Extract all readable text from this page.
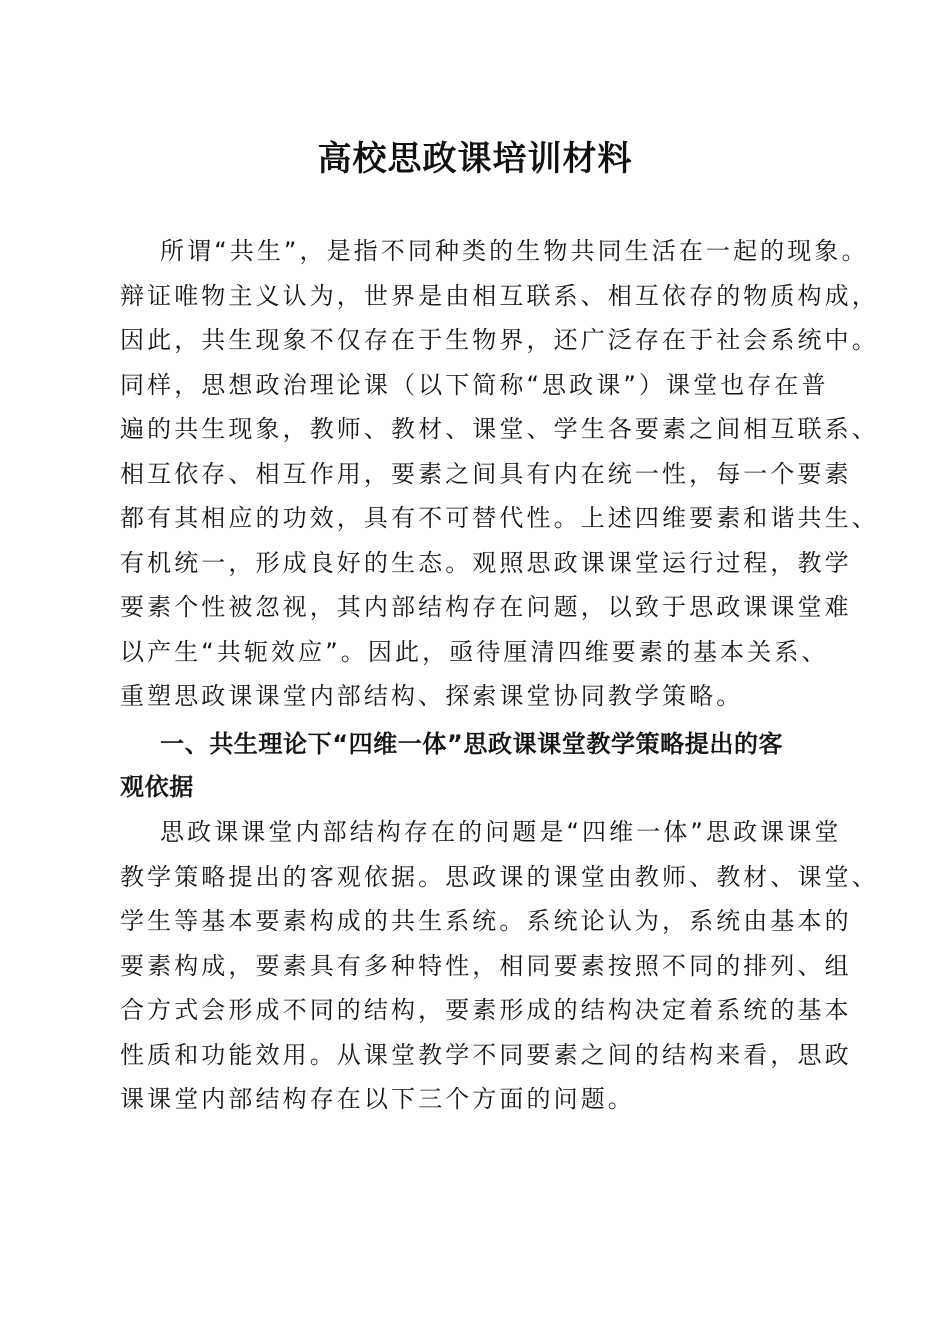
高校思政课培训材料
所谓“共生”，是指不同种类的生物共同生活在一起的现象。
辩证唯物主义认为，世界是由相互联系、相互依存的物质构成，
因此，共生现象不仅存在于生物界，还广泛存在于社会系统中。
同样，思想政治理论课（以下简称“思政课”）课堂也存在普
遍的共生现象，教师、教材、课堂、学生各要素之间相互联系、
相互依存、相互作用，要素之间具有内在统一性，每一个要素
都有其相应的功效，具有不可替代性。上述四维要素和谐共生、
有机统一，形成良好的生态。观照思政课课堂运行过程，教学
要素个性被忽视，其内部结构存在问题，以致于思政课课堂难
以产生“共轭效应”。因此，亟待厘清四维要素的基本关系、
重塑思政课课堂内部结构、探索课堂协同教学策略。
一、共生理论下“四维一体”思政课课堂教学策略提出的客
观依据
思政课课堂内部结构存在的问题是“四维一体”思政课课堂
教学策略提出的客观依据。思政课的课堂由教师、教材、课堂、
学生等基本要素构成的共生系统。系统论认为，系统由基本的
要素构成，要素具有多种特性，相同要素按照不同的排列、组
合方式会形成不同的结构，要素形成的结构决定着系统的基本
性质和功能效用。从课堂教学不同要素之间的结构来看，思政
课课堂内部结构存在以下三个方面的问题。
